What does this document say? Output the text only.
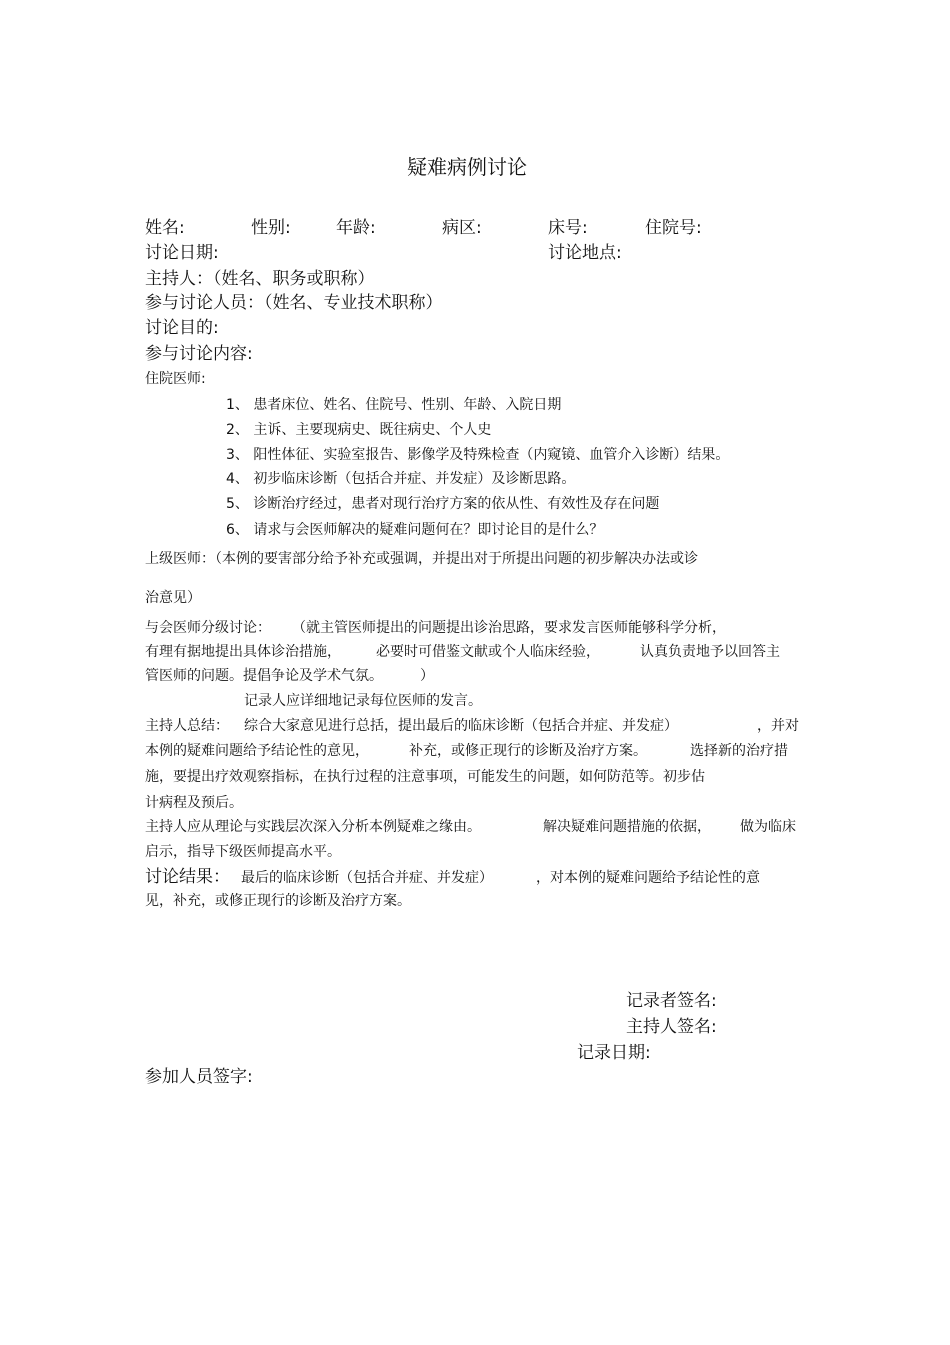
疑难病例讨论
姓名:	性别:	年龄:	病区:	床号:	住院号:
讨论日期:	讨论地点:
主持人：（姓名、职务或职称）
参与讨论人员：（姓名、专业技术职称）
讨论目的:
参与讨论内容:
住院医师:
1、 患者床位、姓名、住院号、性别、年龄、入院日期
2、 主诉、主要现病史、既往病史、个人史
3、 阳性体征、实验室报告、影像学及特殊检查（内窥镜、血管介入诊断）结果。
4、 初步临床诊断（包括合并症、并发症）及诊断思路。
5、 诊断治疗经过，患者对现行治疗方案的依从性、有效性及存在问题
6、 请求与会医师解决的疑难问题何在？即讨论目的是什么？
上级医师：（本例的要害部分给予补充或强调，并提出对于所提出问题的初步解决办法或诊
治意见）
与会医师分级讨论： （就主管医师提出的问题提出诊治思路，要求发言医师能够科学分析，
有理有据地提出具体诊治措施，	必要时可借鉴文献或个人临床经验，	认真负责地予以回答主
管医师的问题。提倡争论及学术气氛。	）
记录人应详细地记录每位医师的发言。
主持人总结： 综合大家意见进行总括，提出最后的临床诊断（包括合并症、并发症）	，并对
本例的疑难问题给予结论性的意见，	补充，或修正现行的诊断及治疗方案。	选择新的治疗措
施，要提出疗效观察指标，在执行过程的注意事项，可能发生的问题，如何防范等。初步估
计病程及预后。
主持人应从理论与实践层次深入分析本例疑难之缘由。	解决疑难问题措施的依据， 做为临床
启示，指导下级医师提高水平。
讨论结果： 最后的临床诊断（包括合并症、并发症）	，对本例的疑难问题给予结论性的意
见，补充，或修正现行的诊断及治疗方案。
记录者签名:
主持人签名:
记录日期:
参加人员签字:
